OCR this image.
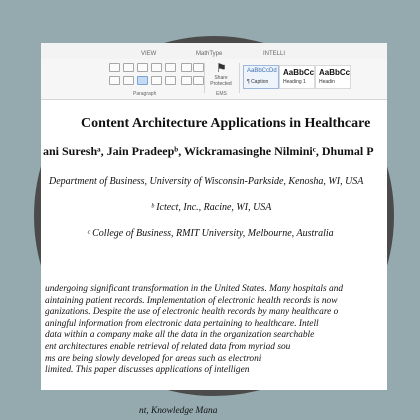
VIEW	MathType	INTELLI
Paragraph
⚑
Share
Protected
EMS
AaBbCcDd
¶ Caption
AaBbCc
Heading 1
AaBbCc
Headin
Content Architecture Applications in Healthcare
ani Sureshᵃ, Jain Pradeepᵇ, Wickramasinghe Nilminiᶜ, Dhumal P
Department of Business, University of Wisconsin-Parkside, Kenosha, WI, USA
ᵇ Ictect, Inc., Racine, WI, USA
ᶜ College of Business, RMIT University, Melbourne, Australia
undergoing significant transformation in the United States. Many hospitals and
aintaining patient records. Implementation of electronic health records is now
ganizations. Despite the use of electronic health records by many healthcare o
aningful information from electronic data pertaining to healthcare. Intell
data within a company make all the data in the organization searchable
ent architectures enable retrieval of related data from myriad sou
ms are being slowly developed for areas such as electroni
limited. This paper discusses applications of intelligen
nt, Knowledge Mana
